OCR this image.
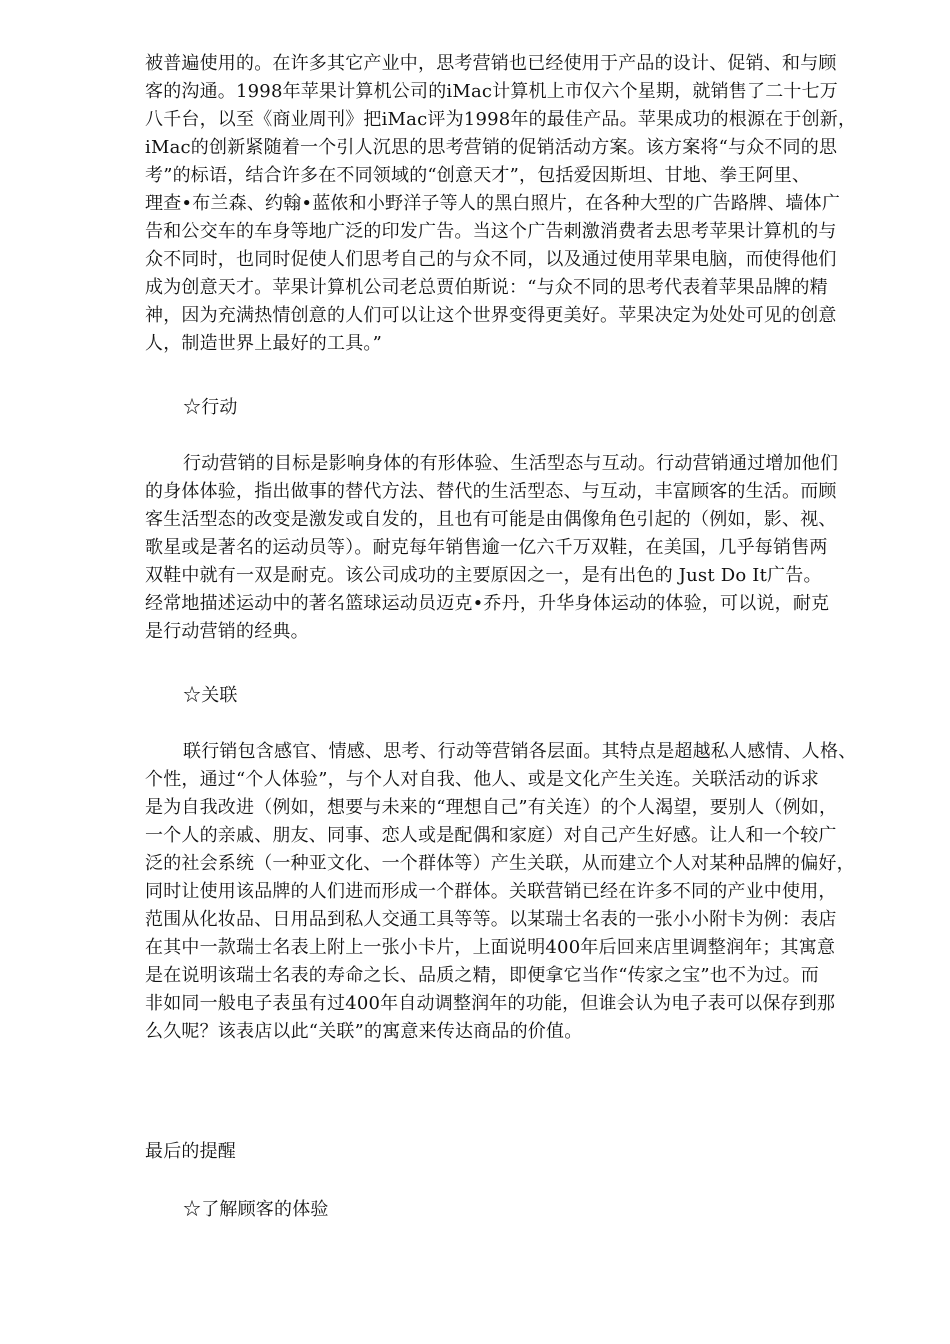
被普遍使用的。在许多其它产业中，思考营销也已经使用于产品的设计、促销、和与顾
客的沟通。1998年苹果计算机公司的iMac计算机上市仅六个星期，就销售了二十七万
八千台，以至《商业周刊》把iMac评为1998年的最佳产品。苹果成功的根源在于创新，
iMac的创新紧随着一个引人沉思的思考营销的促销活动方案。该方案将“与众不同的思
考”的标语，结合许多在不同领域的“创意天才”，包括爱因斯坦、甘地、拳王阿里、
理查•布兰森、约翰•蓝侬和小野洋子等人的黑白照片，在各种大型的广告路牌、墙体广
告和公交车的车身等地广泛的印发广告。当这个广告刺激消费者去思考苹果计算机的与
众不同时，也同时促使人们思考自己的与众不同，以及通过使用苹果电脑，而使得他们
成为创意天才。苹果计算机公司老总贾伯斯说：“与众不同的思考代表着苹果品牌的精
神，因为充满热情创意的人们可以让这个世界变得更美好。苹果决定为处处可见的创意
人，制造世界上最好的工具。”
☆行动
行动营销的目标是影响身体的有形体验、生活型态与互动。行动营销通过增加他们
的身体体验，指出做事的替代方法、替代的生活型态、与互动，丰富顾客的生活。而顾
客生活型态的改变是激发或自发的，且也有可能是由偶像角色引起的（例如，影、视、
歌星或是著名的运动员等）。耐克每年销售逾一亿六千万双鞋，在美国，几乎每销售两
双鞋中就有一双是耐克。该公司成功的主要原因之一，是有出色的 Just Do It广告。
经常地描述运动中的著名篮球运动员迈克•乔丹，升华身体运动的体验，可以说，耐克
是行动营销的经典。
☆关联
联行销包含感官、情感、思考、行动等营销各层面。其特点是超越私人感情、人格、
个性，通过“个人体验”，与个人对自我、他人、或是文化产生关连。关联活动的诉求
是为自我改进（例如，想要与未来的“理想自己”有关连）的个人渴望，要别人（例如，
一个人的亲戚、朋友、同事、恋人或是配偶和家庭）对自己产生好感。让人和一个较广
泛的社会系统（一种亚文化、一个群体等）产生关联，从而建立个人对某种品牌的偏好，
同时让使用该品牌的人们进而形成一个群体。关联营销已经在许多不同的产业中使用，
范围从化妆品、日用品到私人交通工具等等。以某瑞士名表的一张小小附卡为例：表店
在其中一款瑞士名表上附上一张小卡片，上面说明400年后回来店里调整润年；其寓意
是在说明该瑞士名表的寿命之长、品质之精，即便拿它当作“传家之宝”也不为过。而
非如同一般电子表虽有过400年自动调整润年的功能，但谁会认为电子表可以保存到那
么久呢？该表店以此“关联”的寓意来传达商品的价值。
最后的提醒
☆了解顾客的体验
